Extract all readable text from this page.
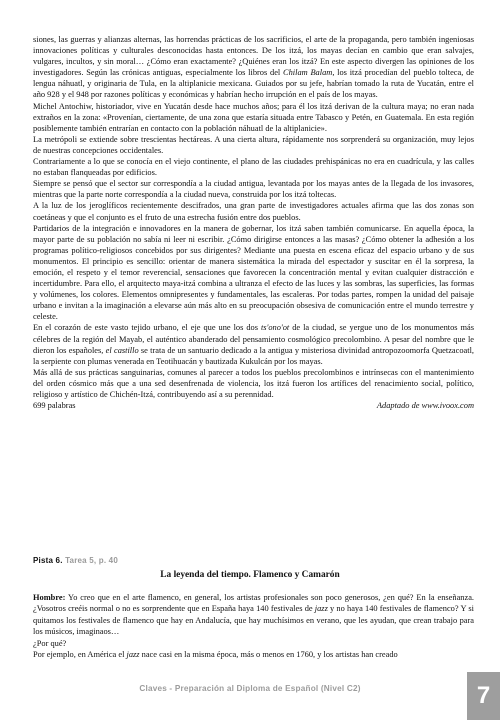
siones, las guerras y alianzas alternas, las horrendas prácticas de los sacrificios, el arte de la propaganda, pero también ingeniosas innovaciones políticas y culturales desconocidas hasta entonces. De los itzá, los mayas decían en cambio que eran salvajes, vulgares, incultos, y sin moral… ¿Cómo eran exactamente? ¿Quiénes eran los itzá? En este aspecto divergen las opiniones de los investigadores. Según las crónicas antiguas, especialmente los libros del Chilam Balam, los itzá procedían del pueblo tolteca, de lengua náhuatl, y originaria de Tula, en la altiplanicie mexicana. Guiados por su jefe, habrían tomado la ruta de Yucatán, entre el año 928 y el 948 por razones políticas y económicas y habrían hecho irrupción en el país de los mayas.

Michel Antochiw, historiador, vive en Yucatán desde hace muchos años; para él los itzá derivan de la cultura maya; no eran nada extraños en la zona: «Provenían, ciertamente, de una zona que estaría situada entre Tabasco y Petén, en Guatemala. En esta región posiblemente también entrarían en contacto con la población náhuatl de la altiplanicie».

La metrópoli se extiende sobre trescientas hectáreas. A una cierta altura, rápidamente nos sorprenderá su organización, muy lejos de nuestras concepciones occidentales.

Contrariamente a lo que se conocía en el viejo continente, el plano de las ciudades prehispánicas no era en cuadrícula, y las calles no estaban flanqueadas por edificios.

Siempre se pensó que el sector sur correspondía a la ciudad antigua, levantada por los mayas antes de la llegada de los invasores, mientras que la parte norte correspondía a la ciudad nueva, construida por los itzá toltecas.

A la luz de los jeroglíficos recientemente descifrados, una gran parte de investigadores actuales afirma que las dos zonas son coetáneas y que el conjunto es el fruto de una estrecha fusión entre dos pueblos.

Partidarios de la integración e innovadores en la manera de gobernar, los itzá saben también comunicarse. En aquella época, la mayor parte de su población no sabía ni leer ni escribir. ¿Cómo dirigirse entonces a las masas? ¿Cómo obtener la adhesión a los programas político-religiosos concebidos por sus dirigentes? Mediante una puesta en escena eficaz del espacio urbano y de sus monumentos. El principio es sencillo: orientar de manera sistemática la mirada del espectador y suscitar en él la sorpresa, la emoción, el respeto y el temor reverencial, sensaciones que favorecen la concentración mental y evitan cualquier distracción e incertidumbre. Para ello, el arquitecto maya-itzá combina a ultranza el efecto de las luces y las sombras, las superficies, las formas y volúmenes, los colores. Elementos omnipresentes y fundamentales, las escaleras. Por todas partes, rompen la unidad del paisaje urbano e invitan a la imaginación a elevarse aún más alto en su preocupación obsesiva de comunicación entre el mundo terrestre y celeste.

En el corazón de este vasto tejido urbano, el eje que une los dos ts'ono'ot de la ciudad, se yergue uno de los monumentos más célebres de la región del Mayab, el auténtico abanderado del pensamiento cosmológico precolombino. A pesar del nombre que le dieron los españoles, el castillo se trata de un santuario dedicado a la antigua y misteriosa divinidad antropozoomorfa Quetzacoatl, la serpiente con plumas venerada en Teotihuacán y bautizada Kukulcán por los mayas.

Más allá de sus prácticas sanguinarias, comunes al parecer a todos los pueblos precolombinos e intrínsecas con el mantenimiento del orden cósmico más que a una sed desenfrenada de violencia, los itzá fueron los artífices del renacimiento social, político, religioso y artístico de Chichén-Itzá, contribuyendo así a su perennidad.

699 palabras	Adaptado de www.ivoox.com
Pista 6. Tarea 5, p. 40
La leyenda del tiempo. Flamenco y Camarón

Hombre: Yo creo que en el arte flamenco, en general, los artistas profesionales son poco generosos, ¿en qué? En la enseñanza. ¿Vosotros creéis normal o no es sorprendente que en España haya 140 festivales de jazz y no haya 140 festivales de flamenco? Y si quitamos los festivales de flamenco que hay en Andalucía, que hay muchísimos en verano, que les ayudan, que crean trabajo para los músicos, imaginaos…

¿Por qué?

Por ejemplo, en América el jazz nace casi en la misma época, más o menos en 1760, y los artistas han creado

Claves - Preparación al Diploma de Español (Nivel C2)	7
